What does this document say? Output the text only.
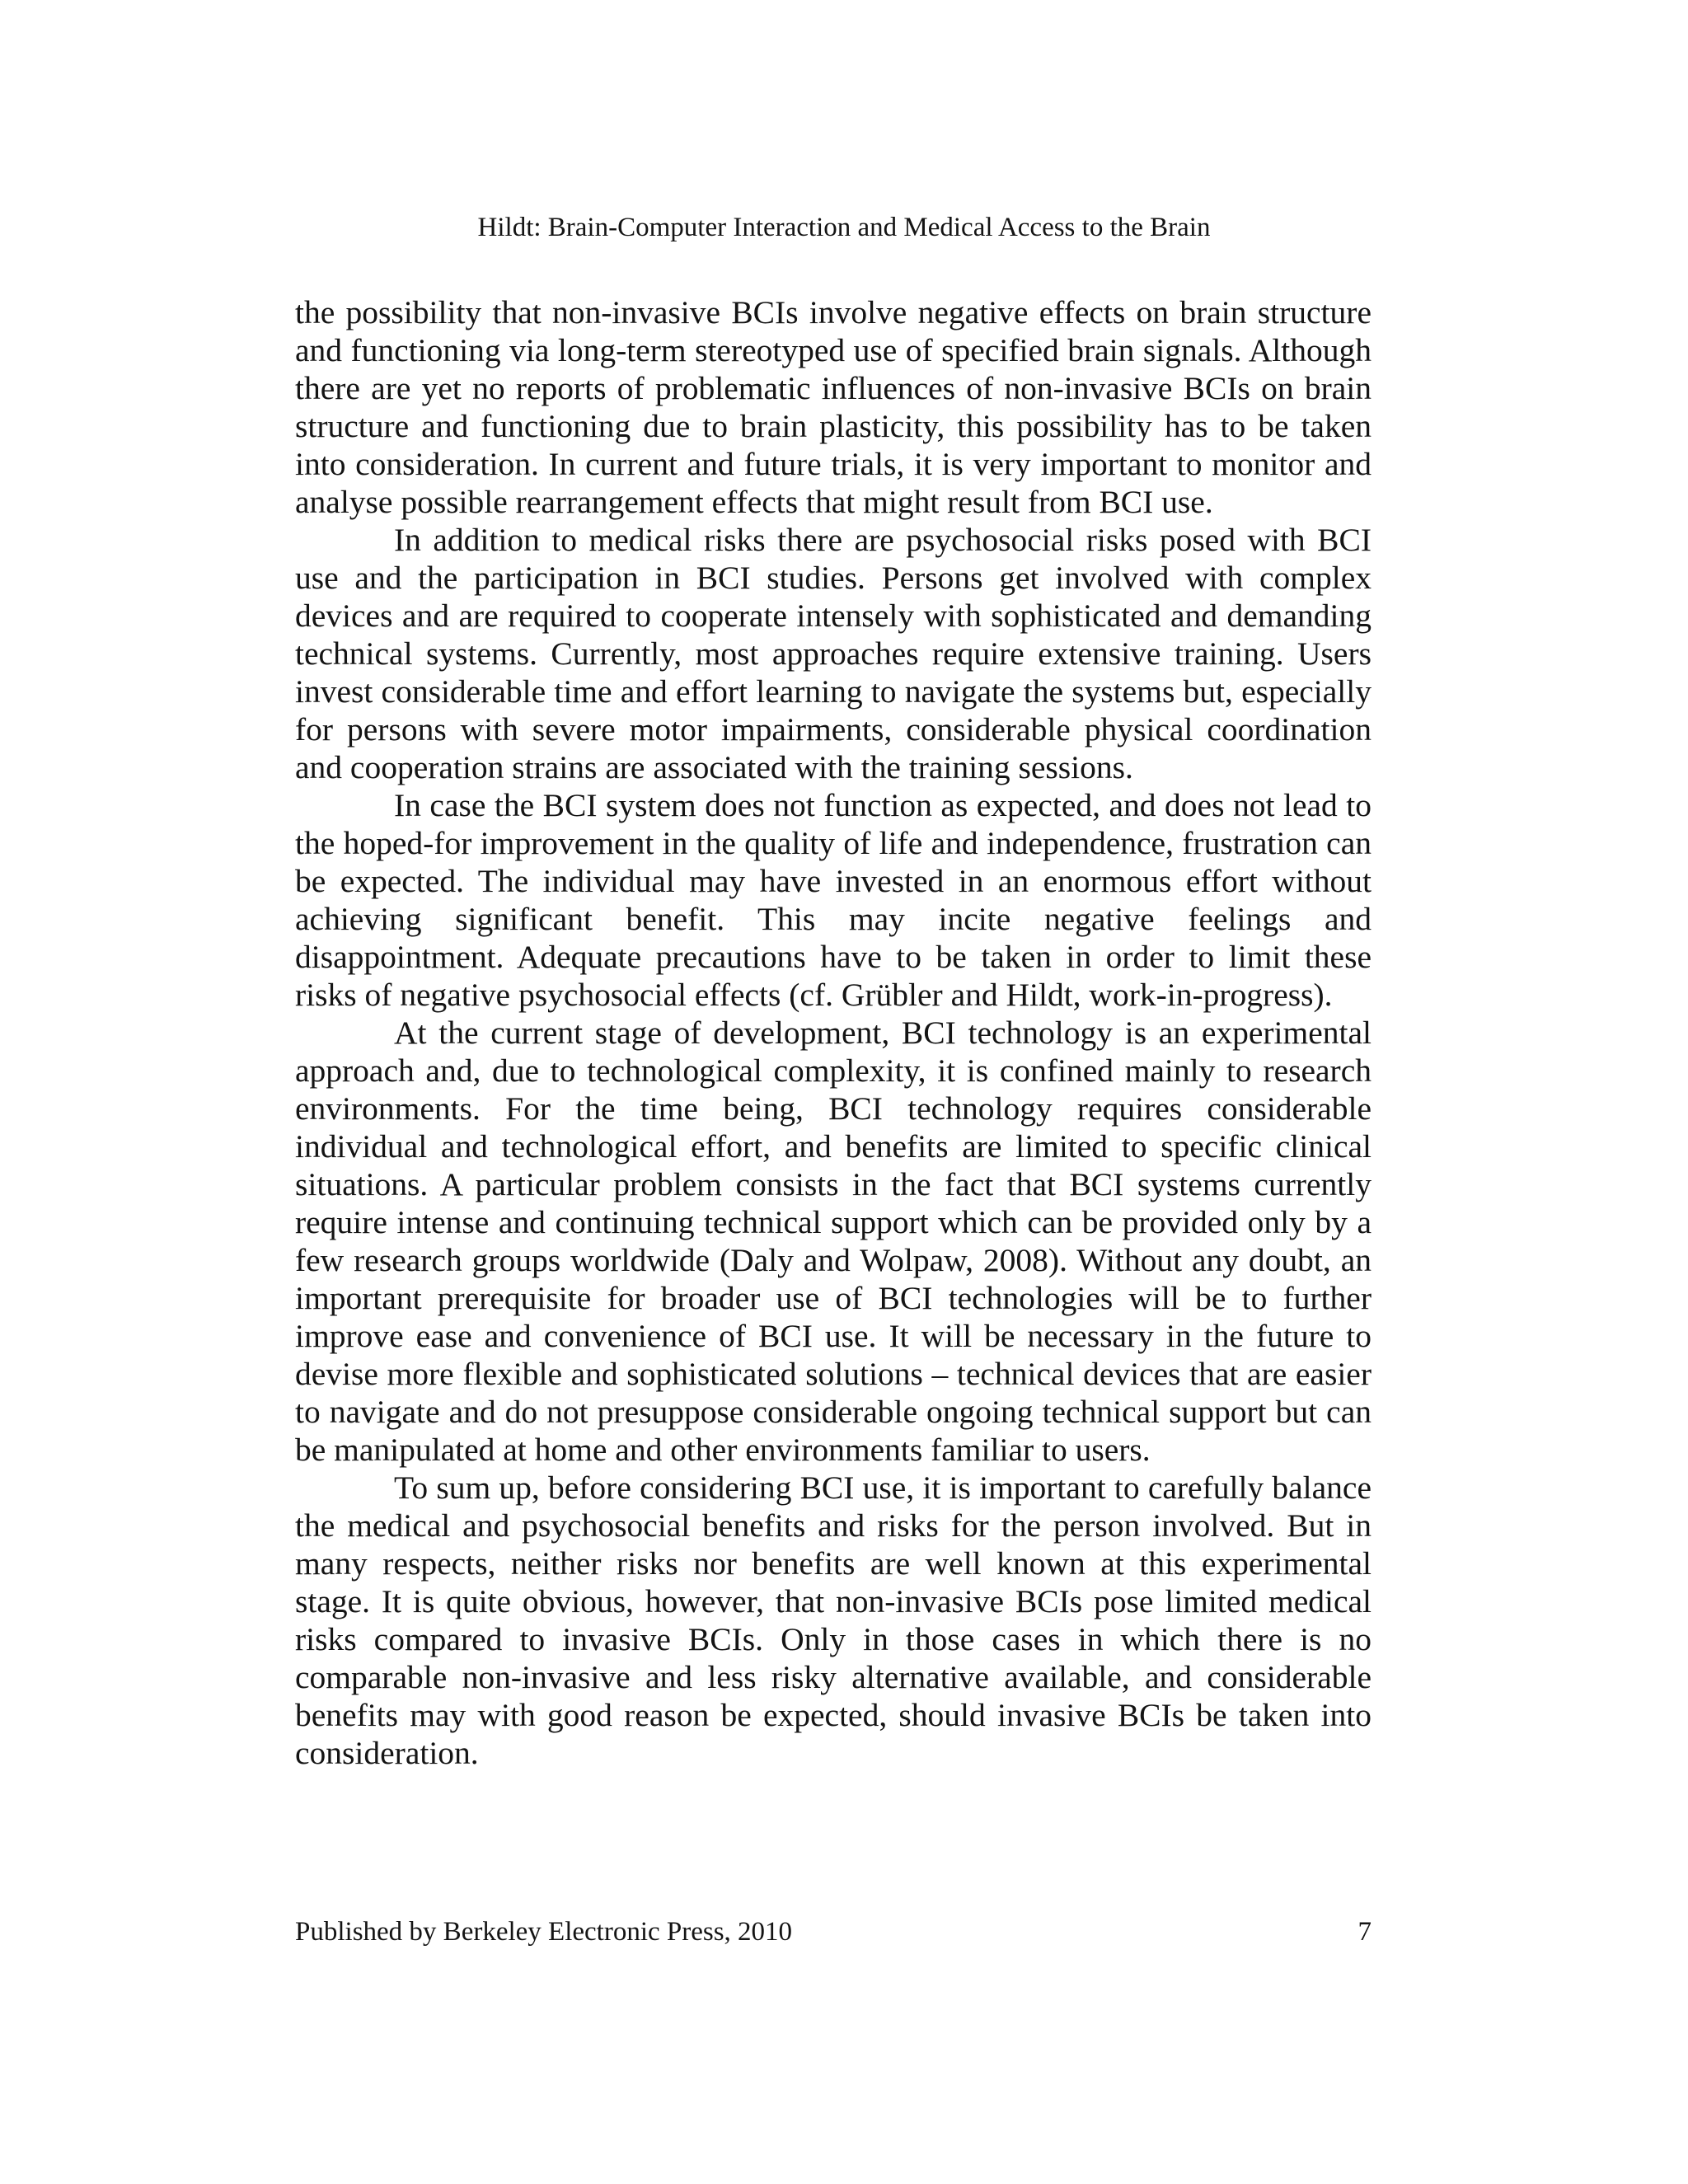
Hildt: Brain-Computer Interaction and Medical Access to the Brain

the possibility that non-invasive BCIs involve negative effects on brain structure and functioning via long-term stereotyped use of specified brain signals. Although there are yet no reports of problematic influences of non-invasive BCIs on brain structure and functioning due to brain plasticity, this possibility has to be taken into consideration. In current and future trials, it is very important to monitor and analyse possible rearrangement effects that might result from BCI use.

In addition to medical risks there are psychosocial risks posed with BCI use and the participation in BCI studies. Persons get involved with complex devices and are required to cooperate intensely with sophisticated and demanding technical systems. Currently, most approaches require extensive training. Users invest considerable time and effort learning to navigate the systems but, especially for persons with severe motor impairments, considerable physical coordination and cooperation strains are associated with the training sessions.

In case the BCI system does not function as expected, and does not lead to the hoped-for improvement in the quality of life and independence, frustration can be expected. The individual may have invested in an enormous effort without achieving significant benefit. This may incite negative feelings and disappointment. Adequate precautions have to be taken in order to limit these risks of negative psychosocial effects (cf. Grübler and Hildt, work-in-progress).

At the current stage of development, BCI technology is an experimental approach and, due to technological complexity, it is confined mainly to research environments. For the time being, BCI technology requires considerable individual and technological effort, and benefits are limited to specific clinical situations. A particular problem consists in the fact that BCI systems currently require intense and continuing technical support which can be provided only by a few research groups worldwide (Daly and Wolpaw, 2008). Without any doubt, an important prerequisite for broader use of BCI technologies will be to further improve ease and convenience of BCI use. It will be necessary in the future to devise more flexible and sophisticated solutions – technical devices that are easier to navigate and do not presuppose considerable ongoing technical support but can be manipulated at home and other environments familiar to users.

To sum up, before considering BCI use, it is important to carefully balance the medical and psychosocial benefits and risks for the person involved. But in many respects, neither risks nor benefits are well known at this experimental stage. It is quite obvious, however, that non-invasive BCIs pose limited medical risks compared to invasive BCIs. Only in those cases in which there is no comparable non-invasive and less risky alternative available, and considerable benefits may with good reason be expected, should invasive BCIs be taken into consideration.

Published by Berkeley Electronic Press, 2010	7
